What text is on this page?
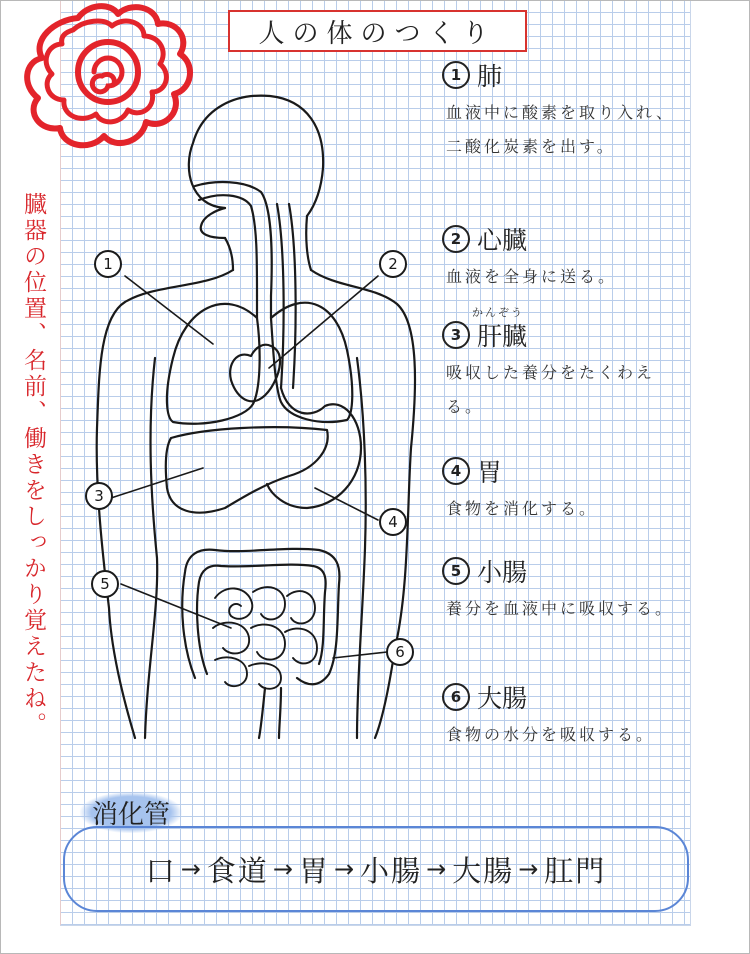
人の体のつくり
臓器の位置、名前、働きをしっかり覚えたね。	1	2
3
4
5
6
1 肺
血液中に酸素を取り入れ、二酸化炭素を出す。
2 心臓
血液を全身に送る。
かんぞう
3 肝臓
吸収した養分をたくわえる。
4 胃
食物を消化する。
5 小腸
養分を血液中に吸収する。
6 大腸
食物の水分を吸収する。
消化管
口 → 食道 → 胃 → 小腸 → 大腸 → 肛門
